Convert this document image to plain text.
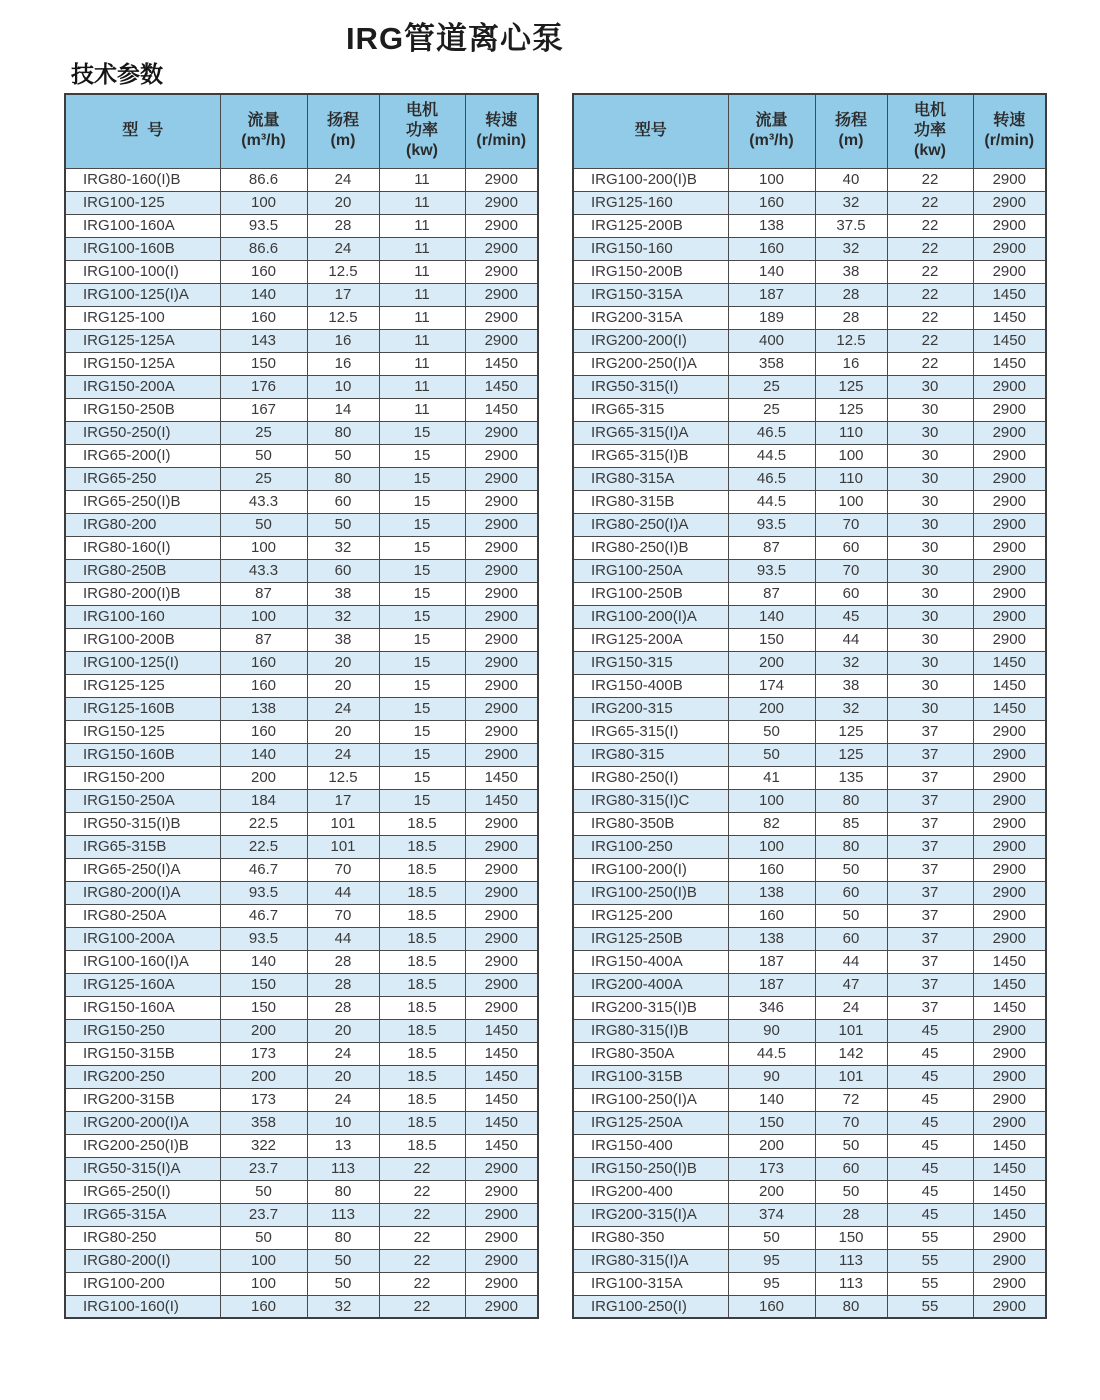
IRG管道离心泵
技术参数
型  号

流量
(m³/h)

扬程
(m)

电机
功率
(kw)

转速
(r/min)

IRG80-160(I)B	86.6	24	11	2900
IRG100-125	100	20	11	2900
IRG100-160A	93.5	28	11	2900
IRG100-160B	86.6	24	11	2900
IRG100-100(I)	160	12.5	11	2900
IRG100-125(I)A	140	17	11	2900
IRG125-100	160	12.5	11	2900
IRG125-125A	143	16	11	2900
IRG150-125A	150	16	11	1450
IRG150-200A	176	10	11	1450
IRG150-250B	167	14	11	1450
IRG50-250(I)	25	80	15	2900
IRG65-200(I)	50	50	15	2900
IRG65-250	25	80	15	2900
IRG65-250(I)B	43.3	60	15	2900
IRG80-200	50	50	15	2900
IRG80-160(I)	100	32	15	2900
IRG80-250B	43.3	60	15	2900
IRG80-200(I)B	87	38	15	2900
IRG100-160	100	32	15	2900
IRG100-200B	87	38	15	2900
IRG100-125(I)	160	20	15	2900
IRG125-125	160	20	15	2900
IRG125-160B	138	24	15	2900
IRG150-125	160	20	15	2900
IRG150-160B	140	24	15	2900
IRG150-200	200	12.5	15	1450
IRG150-250A	184	17	15	1450
IRG50-315(I)B	22.5	101	18.5	2900
IRG65-315B	22.5	101	18.5	2900
IRG65-250(I)A	46.7	70	18.5	2900
IRG80-200(I)A	93.5	44	18.5	2900
IRG80-250A	46.7	70	18.5	2900
IRG100-200A	93.5	44	18.5	2900
IRG100-160(I)A	140	28	18.5	2900
IRG125-160A	150	28	18.5	2900
IRG150-160A	150	28	18.5	2900
IRG150-250	200	20	18.5	1450
IRG150-315B	173	24	18.5	1450
IRG200-250	200	20	18.5	1450
IRG200-315B	173	24	18.5	1450
IRG200-200(I)A	358	10	18.5	1450
IRG200-250(I)B	322	13	18.5	1450
IRG50-315(I)A	23.7	113	22	2900
IRG65-250(I)	50	80	22	2900
IRG65-315A	23.7	113	22	2900
IRG80-250	50	80	22	2900
IRG80-200(I)	100	50	22	2900
IRG100-200	100	50	22	2900
IRG100-160(I)	160	32	22	2900
型号

流量
(m³/h)

扬程
(m)

电机
功率
(kw)

转速
(r/min)

IRG100-200(I)B	100	40	22	2900
IRG125-160	160	32	22	2900
IRG125-200B	138	37.5	22	2900
IRG150-160	160	32	22	2900
IRG150-200B	140	38	22	2900
IRG150-315A	187	28	22	1450
IRG200-315A	189	28	22	1450
IRG200-200(I)	400	12.5	22	1450
IRG200-250(I)A	358	16	22	1450
IRG50-315(I)	25	125	30	2900
IRG65-315	25	125	30	2900
IRG65-315(I)A	46.5	110	30	2900
IRG65-315(I)B	44.5	100	30	2900
IRG80-315A	46.5	110	30	2900
IRG80-315B	44.5	100	30	2900
IRG80-250(I)A	93.5	70	30	2900
IRG80-250(I)B	87	60	30	2900
IRG100-250A	93.5	70	30	2900
IRG100-250B	87	60	30	2900
IRG100-200(I)A	140	45	30	2900
IRG125-200A	150	44	30	2900
IRG150-315	200	32	30	1450
IRG150-400B	174	38	30	1450
IRG200-315	200	32	30	1450
IRG65-315(I)	50	125	37	2900
IRG80-315	50	125	37	2900
IRG80-250(I)	41	135	37	2900
IRG80-315(I)C	100	80	37	2900
IRG80-350B	82	85	37	2900
IRG100-250	100	80	37	2900
IRG100-200(I)	160	50	37	2900
IRG100-250(I)B	138	60	37	2900
IRG125-200	160	50	37	2900
IRG125-250B	138	60	37	2900
IRG150-400A	187	44	37	1450
IRG200-400A	187	47	37	1450
IRG200-315(I)B	346	24	37	1450
IRG80-315(I)B	90	101	45	2900
IRG80-350A	44.5	142	45	2900
IRG100-315B	90	101	45	2900
IRG100-250(I)A	140	72	45	2900
IRG125-250A	150	70	45	2900
IRG150-400	200	50	45	1450
IRG150-250(I)B	173	60	45	1450
IRG200-400	200	50	45	1450
IRG200-315(I)A	374	28	45	1450
IRG80-350	50	150	55	2900
IRG80-315(I)A	95	113	55	2900
IRG100-315A	95	113	55	2900
IRG100-250(I)	160	80	55	2900
